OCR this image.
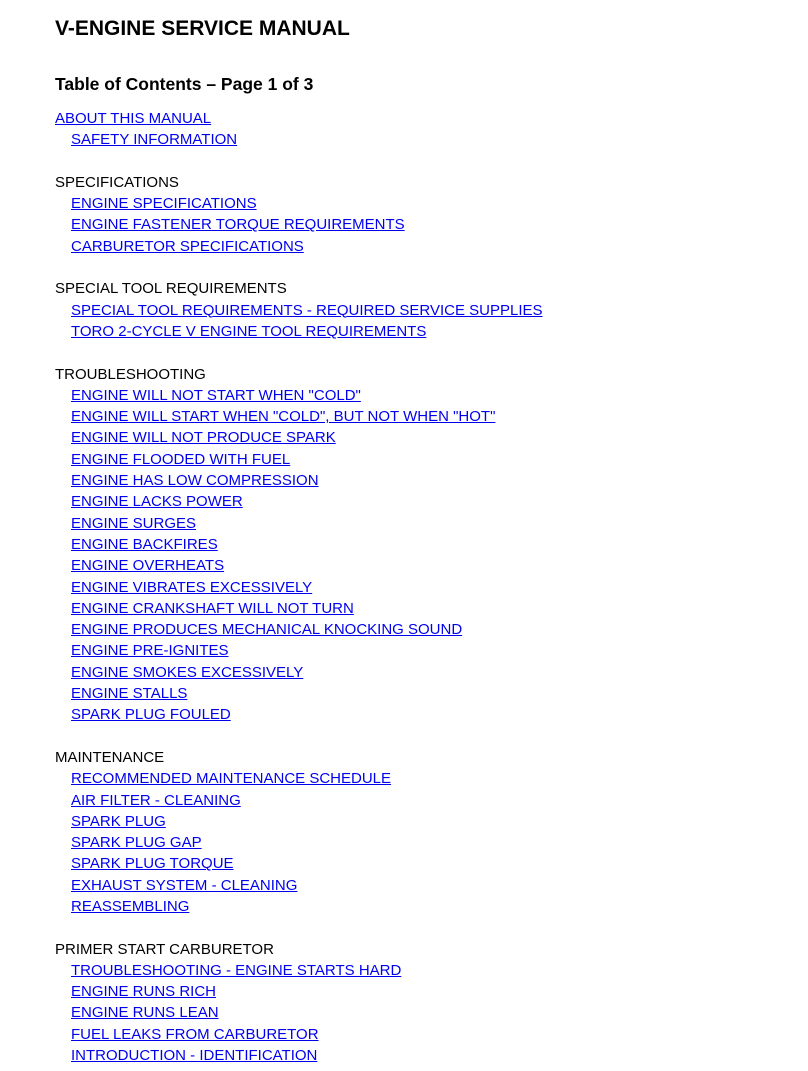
V-ENGINE SERVICE MANUAL
Table of Contents – Page 1 of 3
ABOUT THIS MANUAL
SAFETY INFORMATION
SPECIFICATIONS
ENGINE SPECIFICATIONS
ENGINE FASTENER TORQUE REQUIREMENTS
CARBURETOR SPECIFICATIONS
SPECIAL TOOL REQUIREMENTS
SPECIAL TOOL REQUIREMENTS - REQUIRED SERVICE SUPPLIES
TORO 2-CYCLE V ENGINE TOOL REQUIREMENTS
TROUBLESHOOTING
ENGINE WILL NOT START WHEN "COLD"
ENGINE WILL START WHEN "COLD", BUT NOT WHEN "HOT"
ENGINE WILL NOT PRODUCE SPARK
ENGINE FLOODED WITH FUEL
ENGINE HAS LOW COMPRESSION
ENGINE LACKS POWER
ENGINE SURGES
ENGINE BACKFIRES
ENGINE OVERHEATS
ENGINE VIBRATES EXCESSIVELY
ENGINE CRANKSHAFT WILL NOT TURN
ENGINE PRODUCES MECHANICAL KNOCKING SOUND
ENGINE PRE-IGNITES
ENGINE SMOKES EXCESSIVELY
ENGINE STALLS
SPARK PLUG FOULED
MAINTENANCE
RECOMMENDED MAINTENANCE SCHEDULE
AIR FILTER - CLEANING
SPARK PLUG
SPARK PLUG GAP
SPARK PLUG TORQUE
EXHAUST SYSTEM - CLEANING
REASSEMBLING
PRIMER START CARBURETOR
TROUBLESHOOTING - ENGINE STARTS HARD
ENGINE RUNS RICH
ENGINE RUNS LEAN
FUEL LEAKS FROM CARBURETOR
INTRODUCTION - IDENTIFICATION
